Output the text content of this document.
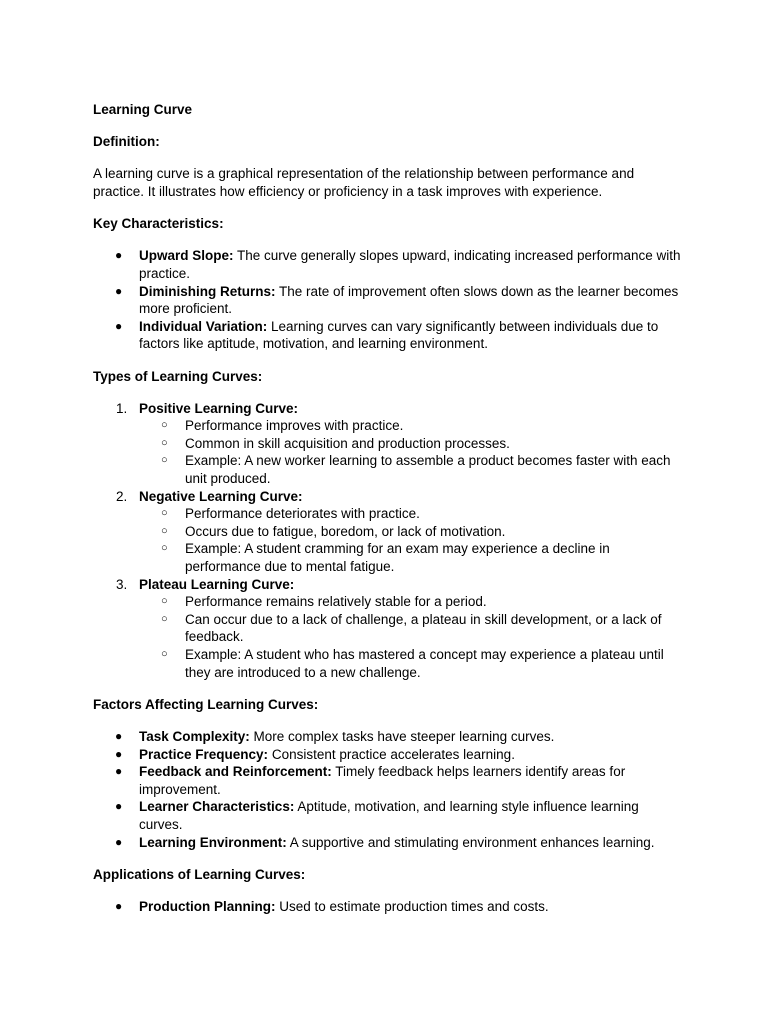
Learning Curve

Definition:

A learning curve is a graphical representation of the relationship between performance and practice. It illustrates how efficiency or proficiency in a task improves with experience.

Key Characteristics:

● Upward Slope: The curve generally slopes upward, indicating increased performance with practice.
● Diminishing Returns: The rate of improvement often slows down as the learner becomes more proficient.
● Individual Variation: Learning curves can vary significantly between individuals due to factors like aptitude, motivation, and learning environment.

Types of Learning Curves:

1. Positive Learning Curve:
○ Performance improves with practice.
○ Common in skill acquisition and production processes.
○ Example: A new worker learning to assemble a product becomes faster with each unit produced.
2. Negative Learning Curve:
○ Performance deteriorates with practice.
○ Occurs due to fatigue, boredom, or lack of motivation.
○ Example: A student cramming for an exam may experience a decline in performance due to mental fatigue.
3. Plateau Learning Curve:
○ Performance remains relatively stable for a period.
○ Can occur due to a lack of challenge, a plateau in skill development, or a lack of feedback.
○ Example: A student who has mastered a concept may experience a plateau until they are introduced to a new challenge.

Factors Affecting Learning Curves:

● Task Complexity: More complex tasks have steeper learning curves.
● Practice Frequency: Consistent practice accelerates learning.
● Feedback and Reinforcement: Timely feedback helps learners identify areas for improvement.
● Learner Characteristics: Aptitude, motivation, and learning style influence learning curves.
● Learning Environment: A supportive and stimulating environment enhances learning.

Applications of Learning Curves:

● Production Planning: Used to estimate production times and costs.
